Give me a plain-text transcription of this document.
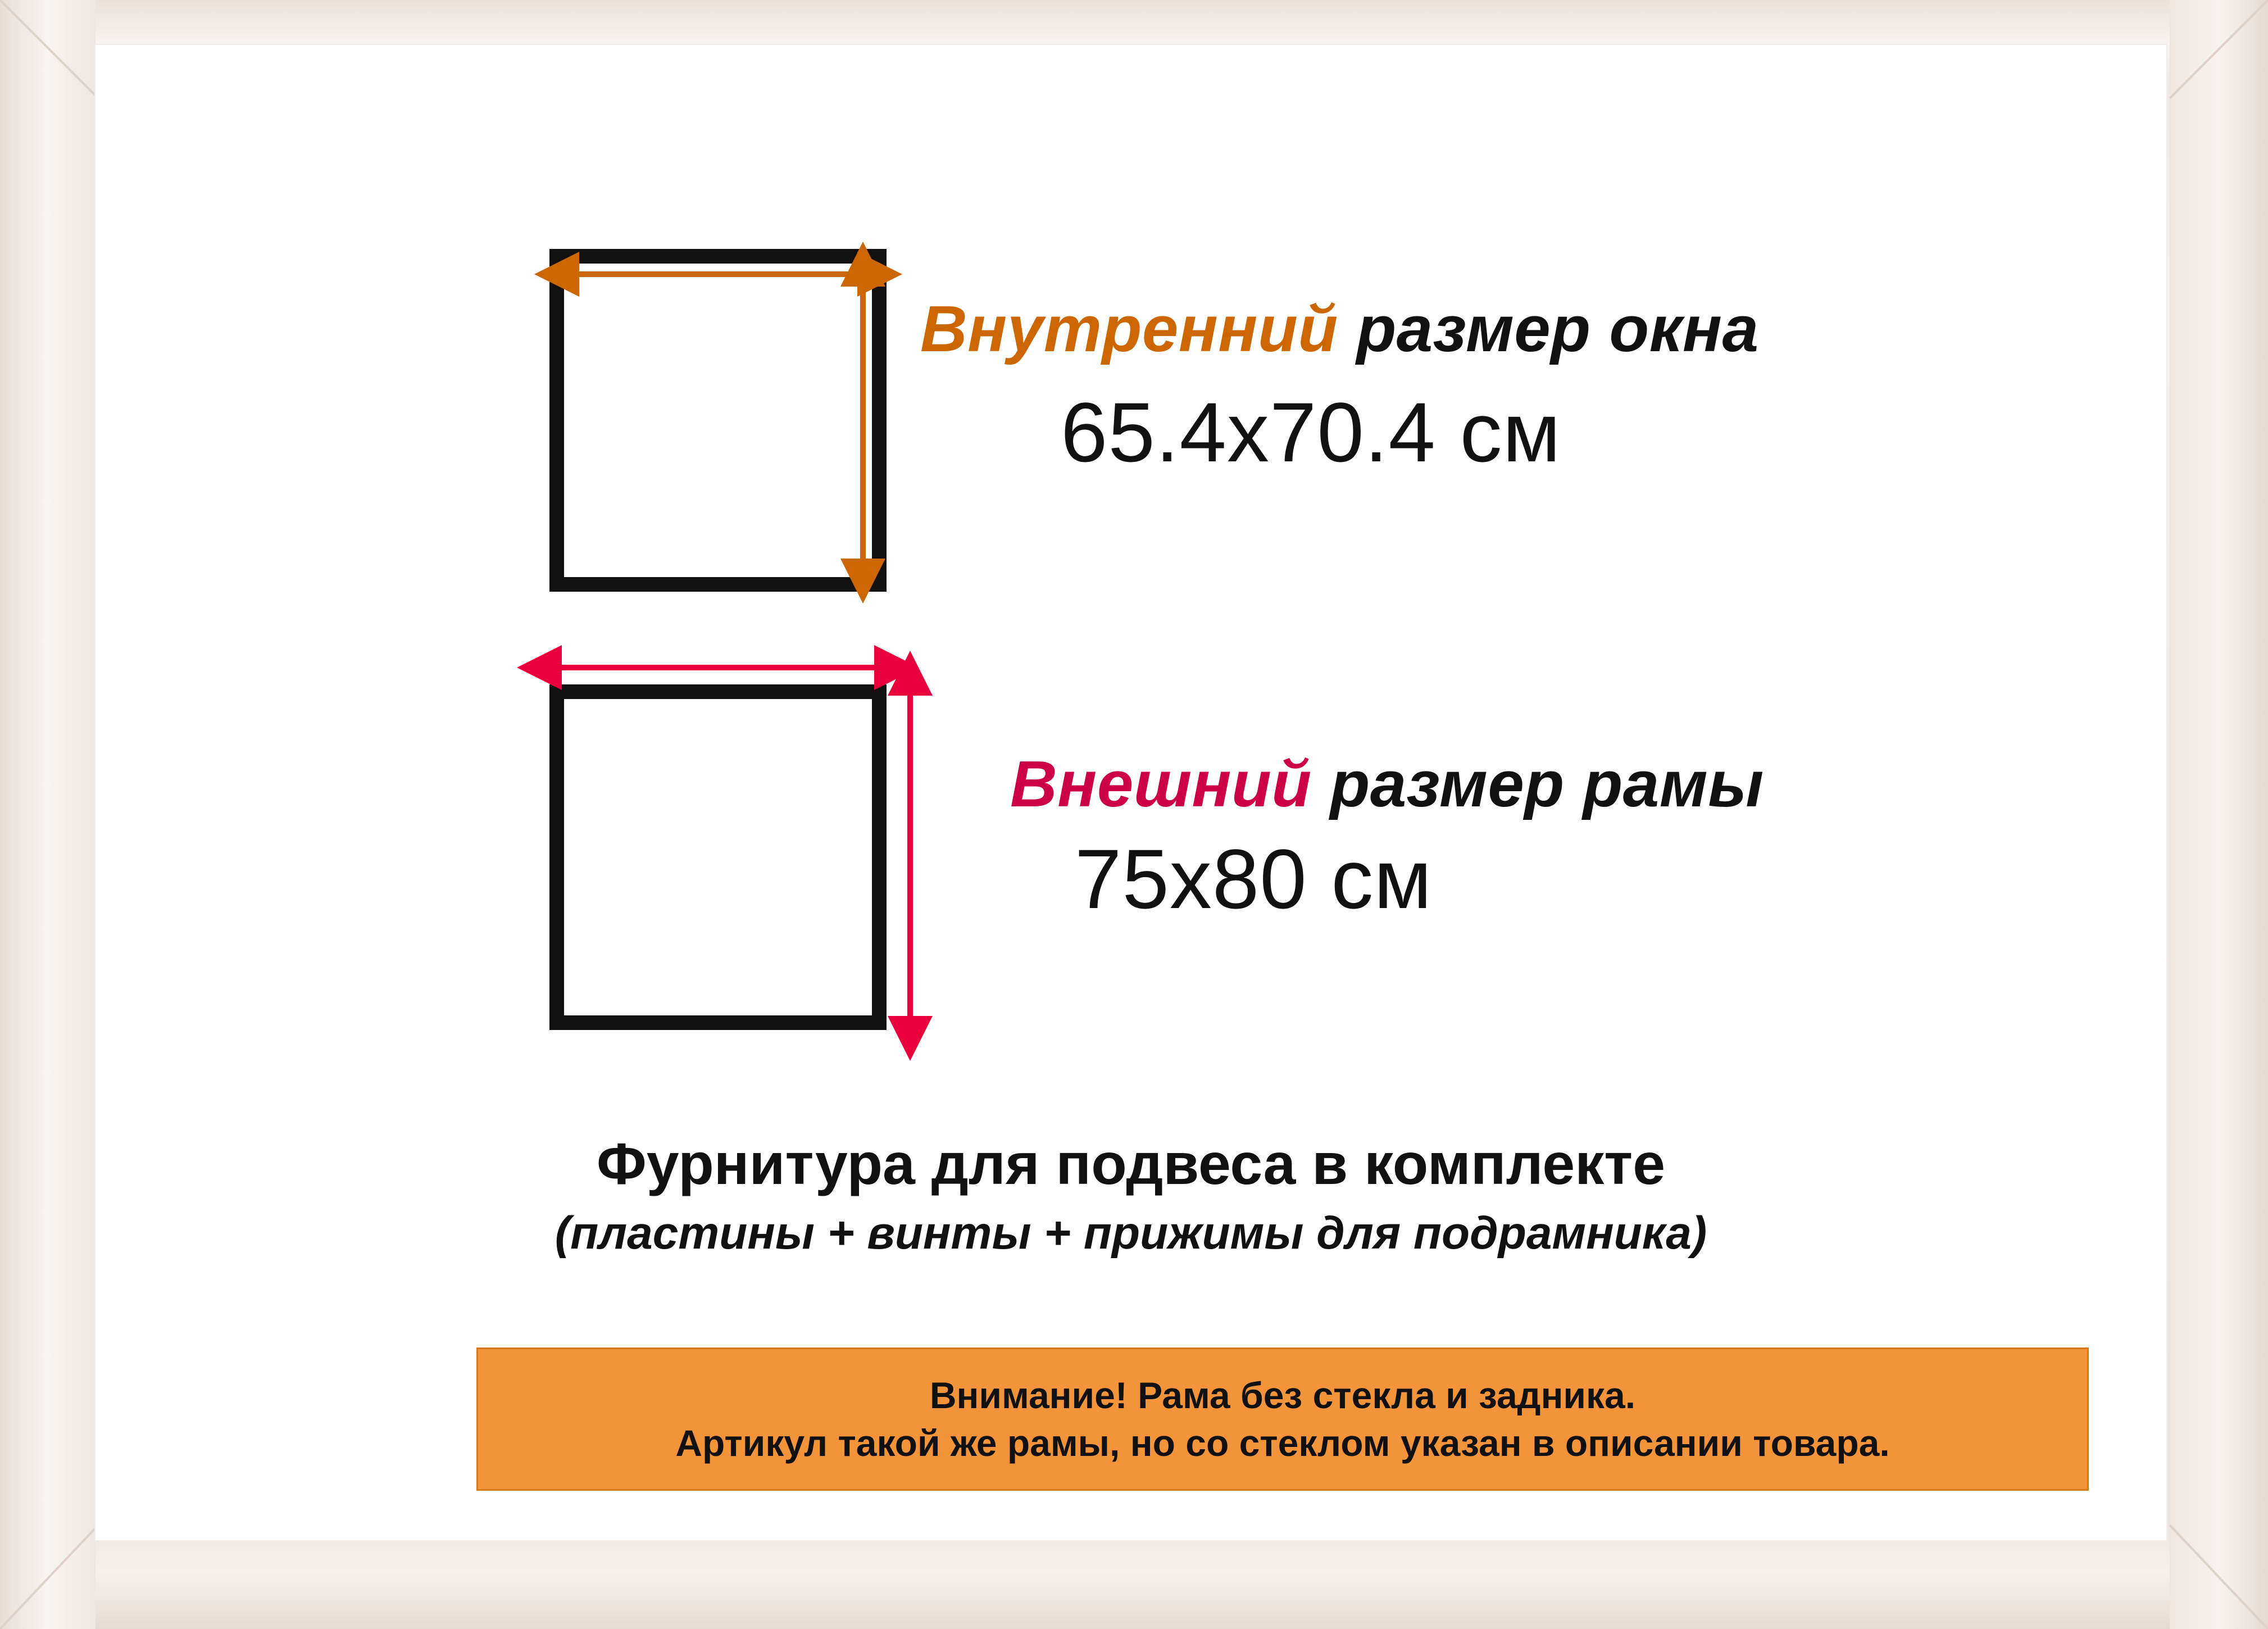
Внутренний размер окна
65.4x70.4 см
Внешний размер рамы
75x80 см
Фурнитура для подвеса в комплекте
(пластины + винты + прижимы для подрамника)
Внимание! Рама без стекла и задника.
Артикул такой же рамы, но со стеклом указан в описании товара.
